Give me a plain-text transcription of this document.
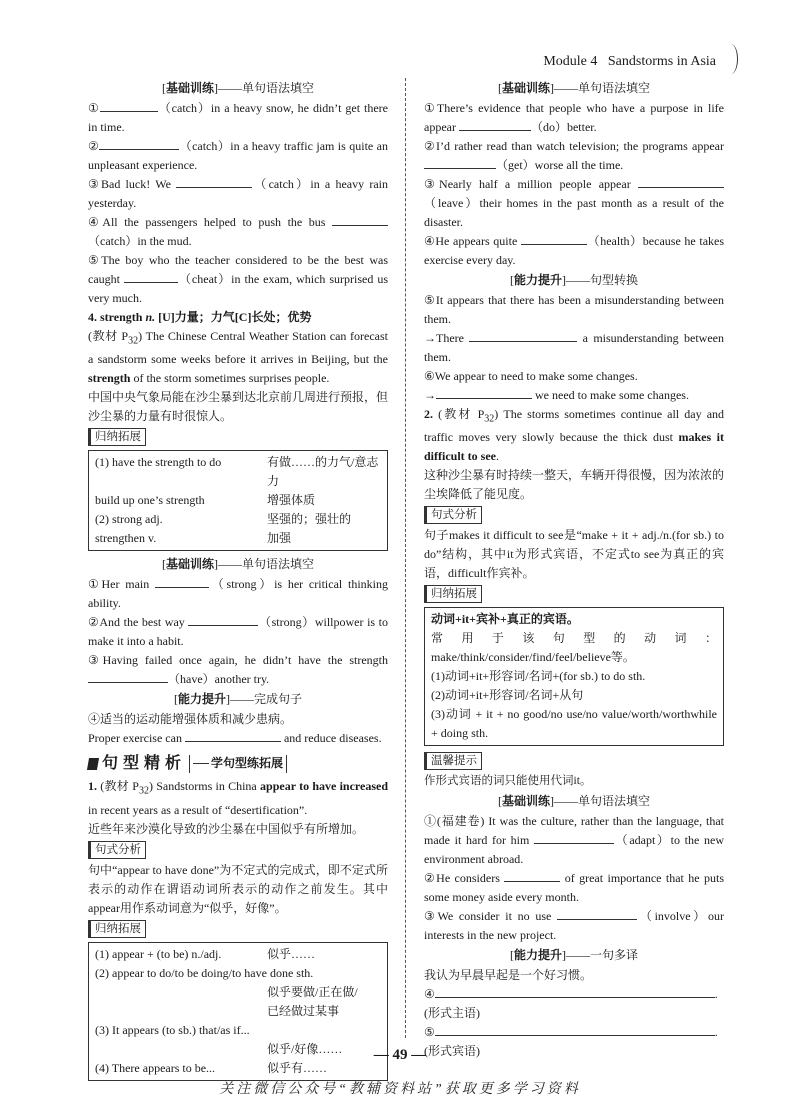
Module 4 Sandstorms in Asia
[基础训练]——单句语法填空

①	（catch）in a heavy snow, he didn’t get there in time.

②	（catch）in a heavy traffic jam is quite an unpleasant experience.

③Bad luck! We	（catch）in a heavy rain yesterday.

④All the passengers helped to push the bus （catch）in the mud.

⑤The boy who the teacher considered to be the best was caught	（cheat）in the exam, which surprised us very much.

4. strength n. [U]力量；力气[C]长处；优势

(教材 $P_{32}$) The Chinese Central Weather Station can forecast a sandstorm some weeks before it arrives in Beijing, but the strength of the storm sometimes surprises people.

中国中央气象局能在沙尘暴到达北京前几周进行预报，但沙尘暴的力量有时很惊人。

归纳拓展
(1) have the strength to do	有做……的力气/意志力
build up one’s strength	增强体质
(2) strong adj.	坚强的；强壮的
strengthen v.	加强
[基础训练]——单句语法填空

①Her main	（strong）is her critical thinking ability.

②And the best way	（strong）willpower is to make it into a habit.

③Having failed once again, he didn’t have the strength （have）another try.

[能力提升]——完成句子

④适当的运动能增强体质和减少患病。

Proper exercise can	and reduce diseases.

句型精析	学句型练拓展

1. (教材 $P_{32}$) Sandstorms in China appear to have increased in recent years as a result of “desertification”.

近些年来沙漠化导致的沙尘暴在中国似乎有所增加。

句式分析

句中“appear to have done”为不定式的完成式，即不定式所表示的动作在谓语动词所表示的动作之前发生。其中appear用作系动词意为“似乎，好像”。

归纳拓展
(1) appear + (to be) n./adj.	似乎……
(2) appear to do/to be doing/to have done sth.
似乎要做/正在做/
已经做过某事
(3) It appears (to sb.) that/as if...
似乎/好像……
(4) There appears to be...	似乎有……
[基础训练]——单句语法填空

①There’s evidence that people who have a purpose in life appear	（do）better.

②I’d rather read than watch television; the programs appear （get）worse all the time.

③Nearly half a million people appear （leave）their homes in the past month as a result of the disaster.

④He appears quite	（health）because he takes exercise every day.

[能力提升]——句型转换

⑤It appears that there has been a misunderstanding between them.

→There	a misunderstanding between them.

⑥We appear to need to make some changes.

→	we need to make some changes.

2. (教材 $P_{32}$) The storms sometimes continue all day and traffic moves very slowly because the thick dust makes it difficult to see.

这种沙尘暴有时持续一整天，车辆开得很慢，因为浓浓的尘埃降低了能见度。

句式分析

句子makes it difficult to see是“make + it + adj./n.(for sb.) to do”结构，其中it为形式宾语，不定式to see为真正的宾语，difficult作宾补。

归纳拓展

动词+it+宾补+真正的宾语。

常用于该句型的动词：make/think/consider/find/feel/believe等。

(1)动词+it+形容词/名词+(for sb.) to do sth.

(2)动词+it+形容词/名词+从句

(3)动词 + it + no good/no use/no value/worth/worthwhile + doing sth.

温馨提示

作形式宾语的词只能使用代词it。

[基础训练]——单句语法填空

①(福建卷) It was the culture, rather than the language, that made it hard for him	（adapt）to the new environment abroad.

②He considers	of great importance that he puts some money aside every month.

③We consider it no use	（involve）our interests in the new project.

[能力提升]——一句多译

我认为早晨早起是一个好习惯。

④	.

(形式主语)

⑤	.

(形式宾语)

— 49 —
关注微信公众号“教辅资料站”获取更多学习资料
